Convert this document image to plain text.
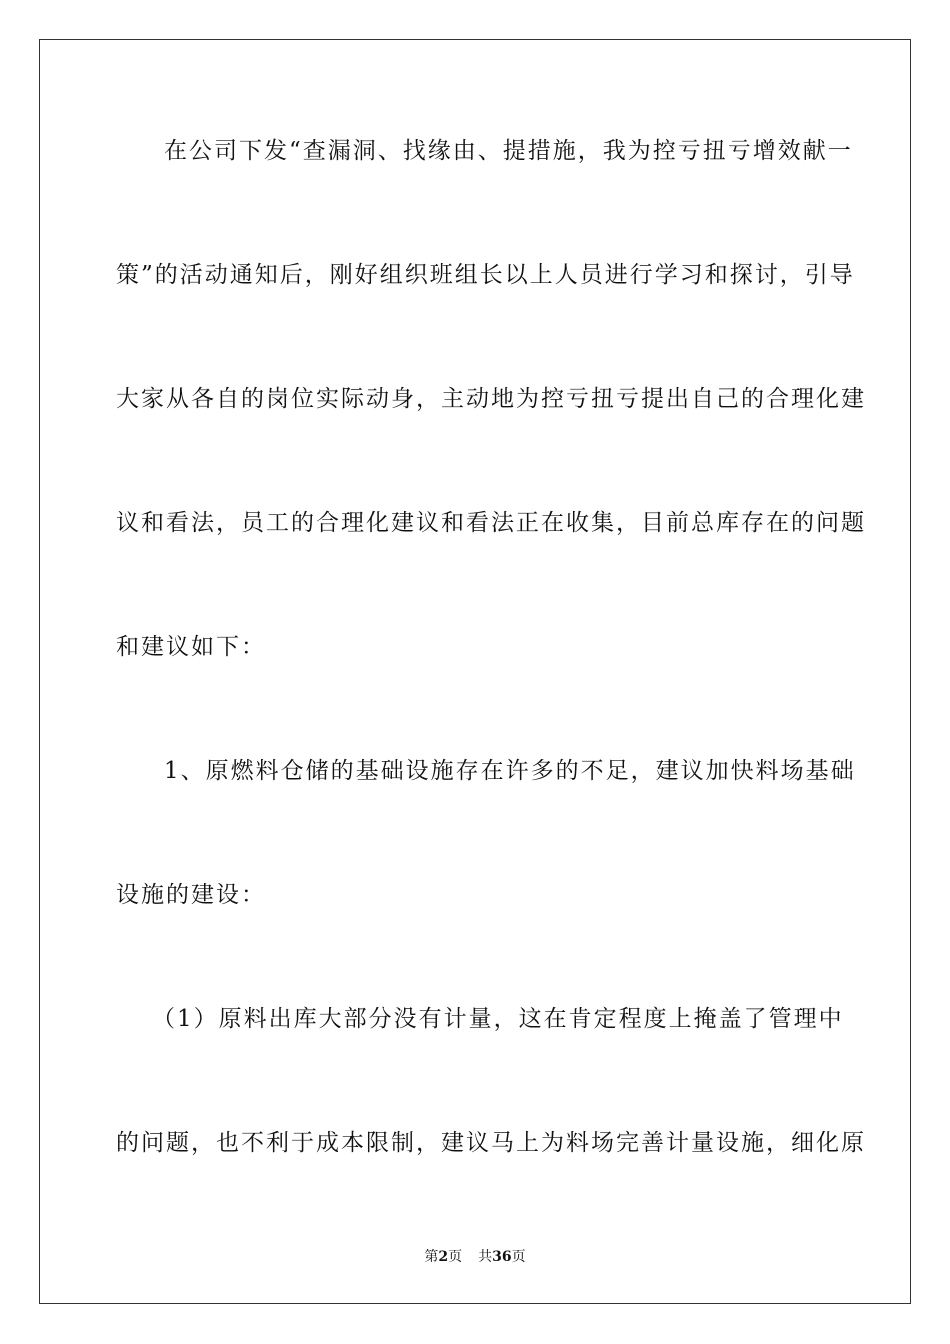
在公司下发“查漏洞、找缘由、提措施，我为控亏扭亏增效献一
策”的活动通知后，刚好组织班组长以上人员进行学习和探讨，引导
大家从各自的岗位实际动身，主动地为控亏扭亏提出自己的合理化建
议和看法，员工的合理化建议和看法正在收集，目前总库存在的问题
和建议如下：
1、原燃料仓储的基础设施存在许多的不足，建议加快料场基础
设施的建设：
（1）原料出库大部分没有计量，这在肯定程度上掩盖了管理中
的问题，也不利于成本限制，建议马上为料场完善计量设施，细化原
第2页 共36页
